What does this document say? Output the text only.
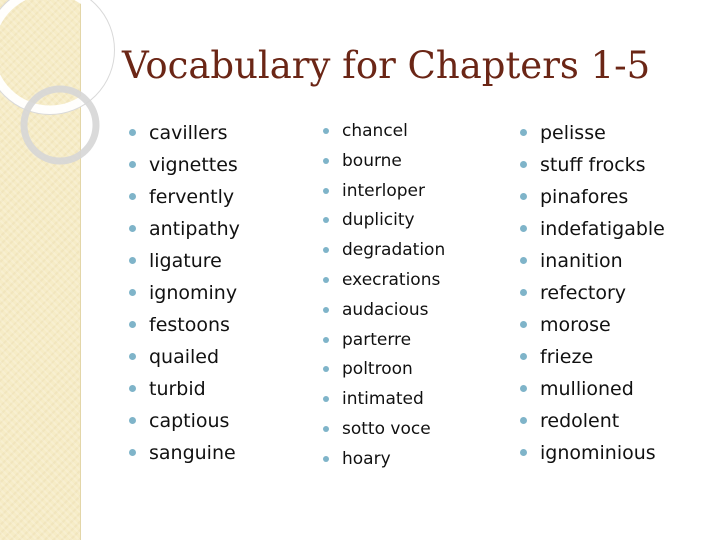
Vocabulary for Chapters 1-5
cavillers
vignettes
fervently
antipathy
ligature
ignominy
festoons
quailed
turbid
captious
sanguine
chancel
bourne
interloper
duplicity
degradation
execrations
audacious
parterre
poltroon
intimated
sotto voce
hoary
pelisse
stuff frocks
pinafores
indefatigable
inanition
refectory
morose
frieze
mullioned
redolent
ignominious
